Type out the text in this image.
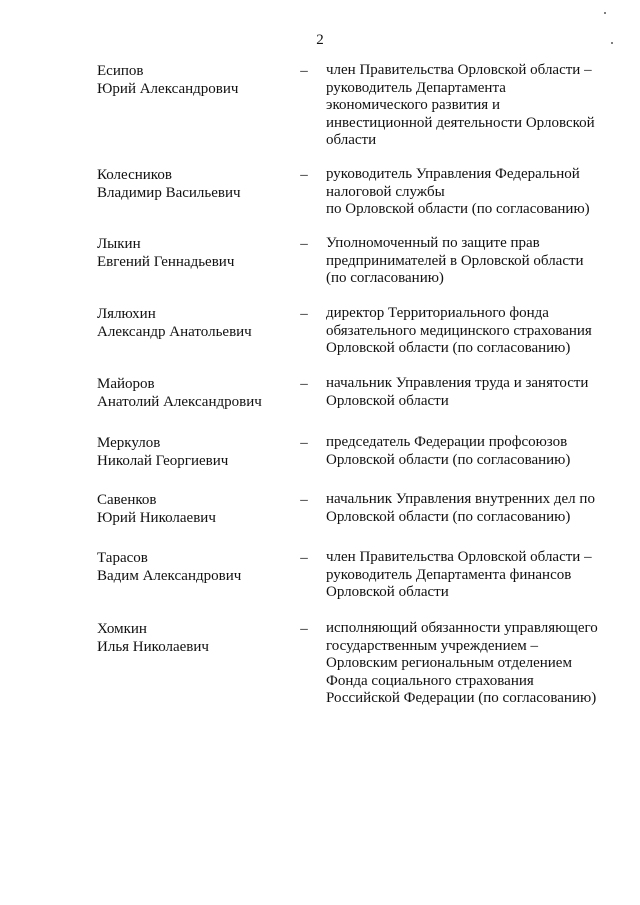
2
Есипов
Юрий Александрович
– член Правительства Орловской области –
руководитель Департамента
экономического развития и
инвестиционной деятельности Орловской
области
Колесников
Владимир Васильевич
– руководитель Управления Федеральной
налоговой службы
по Орловской области (по согласованию)
Лыкин
Евгений Геннадьевич
– Уполномоченный по защите прав
предпринимателей в Орловской области
(по согласованию)
Лялюхин
Александр Анатольевич
– директор Территориального фонда
обязательного медицинского страхования
Орловской области (по согласованию)
Майоров
Анатолий Александрович
– начальник Управления труда и занятости
Орловской области
Меркулов
Николай Георгиевич
– председатель Федерации профсоюзов
Орловской области (по согласованию)
Савенков
Юрий Николаевич
– начальник Управления внутренних дел по
Орловской области (по согласованию)
Тарасов
Вадим Александрович
– член Правительства Орловской области –
руководитель Департамента финансов
Орловской области
Хомкин
Илья Николаевич
– исполняющий обязанности управляющего
государственным учреждением –
Орловским региональным отделением
Фонда социального страхования
Российской Федерации (по согласованию)
